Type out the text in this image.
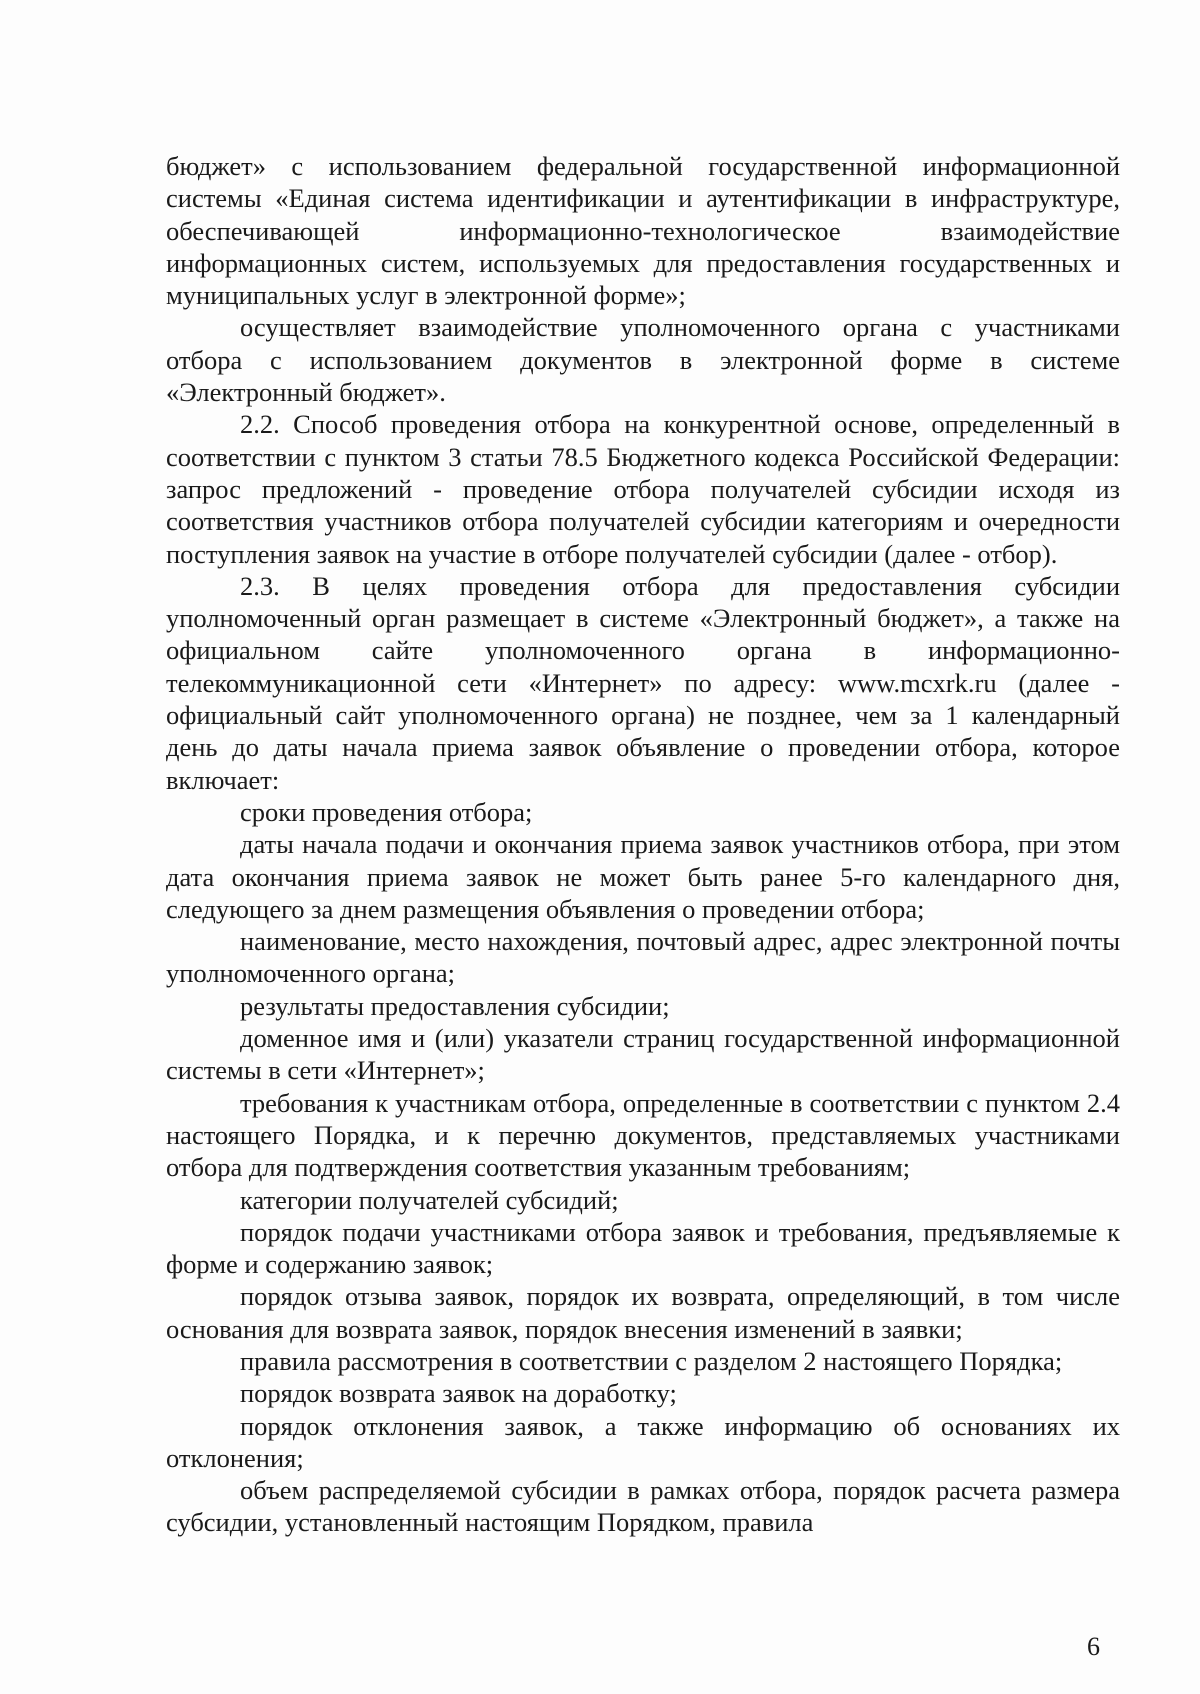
бюджет» с использованием федеральной государственной информационной системы «Единая система идентификации и аутентификации в инфраструктуре, обеспечивающей информационно-технологическое взаимодействие информационных систем, используемых для предоставления государственных и муниципальных услуг в электронной форме»;

осуществляет взаимодействие уполномоченного органа с участниками отбора с использованием документов в электронной форме в системе «Электронный бюджет».

2.2. Способ проведения отбора на конкурентной основе, определенный в соответствии с пунктом 3 статьи 78.5 Бюджетного кодекса Российской Федерации: запрос предложений - проведение отбора получателей субсидии исходя из соответствия участников отбора получателей субсидии категориям и очередности поступления заявок на участие в отборе получателей субсидии (далее - отбор).

2.3. В целях проведения отбора для предоставления субсидии уполномоченный орган размещает в системе «Электронный бюджет», а также на официальном сайте уполномоченного органа в информационно-телекоммуникационной сети «Интернет» по адресу: www.mcxrk.ru (далее - официальный сайт уполномоченного органа) не позднее, чем за 1 календарный день до даты начала приема заявок объявление о проведении отбора, которое включает:

сроки проведения отбора;

даты начала подачи и окончания приема заявок участников отбора, при этом дата окончания приема заявок не может быть ранее 5-го календарного дня, следующего за днем размещения объявления о проведении отбора;

наименование, место нахождения, почтовый адрес, адрес электронной почты уполномоченного органа;

результаты предоставления субсидии;

доменное имя и (или) указатели страниц государственной информационной системы в сети «Интернет»;

требования к участникам отбора, определенные в соответствии с пунктом 2.4 настоящего Порядка, и к перечню документов, представляемых участниками отбора для подтверждения соответствия указанным требованиям;

категории получателей субсидий;

порядок подачи участниками отбора заявок и требования, предъявляемые к форме и содержанию заявок;

порядок отзыва заявок, порядок их возврата, определяющий, в том числе основания для возврата заявок, порядок внесения изменений в заявки;

правила рассмотрения в соответствии с разделом 2 настоящего Порядка;

порядок возврата заявок на доработку;

порядок отклонения заявок, а также информацию об основаниях их отклонения;

объем распределяемой субсидии в рамках отбора, порядок расчета размера субсидии, установленный настоящим Порядком, правила

6
